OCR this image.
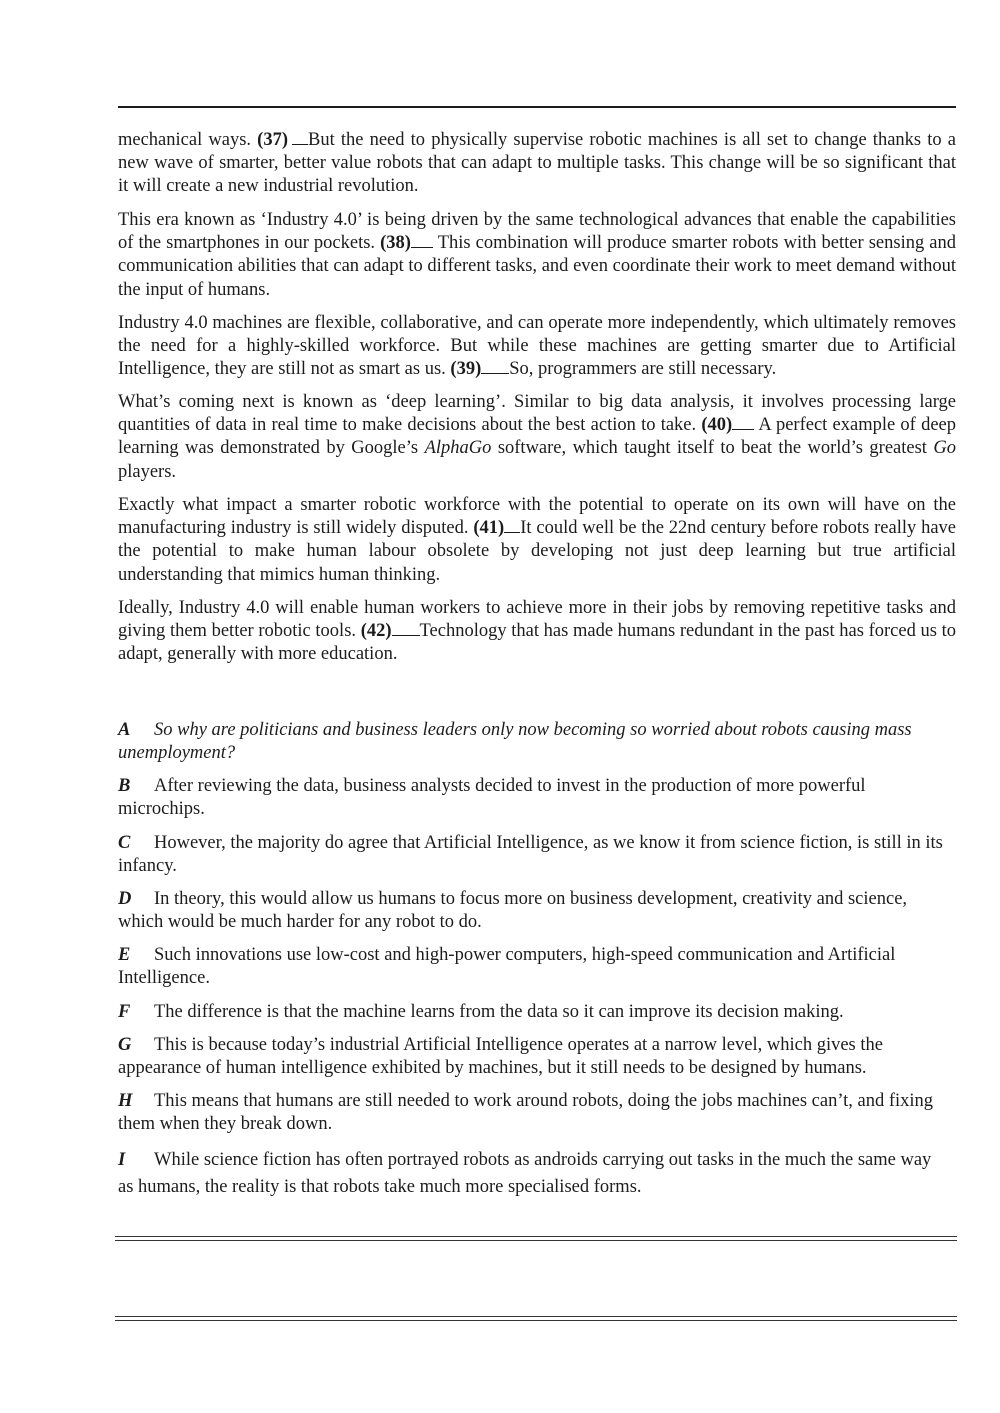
mechanical ways. (37) But the need to physically supervise robotic machines is all set to change thanks to a new wave of smarter, better value robots that can adapt to multiple tasks. This change will be so significant that it will create a new industrial revolution.

This era known as ‘Industry 4.0’ is being driven by the same technological advances that enable the capabilities of the smartphones in our pockets. (38) This combination will produce smarter robots with better sensing and communication abilities that can adapt to different tasks, and even coordinate their work to meet demand without the input of humans.

Industry 4.0 machines are flexible, collaborative, and can operate more independently, which ultimately removes the need for a highly-skilled workforce. But while these machines are getting smarter due to Artificial Intelligence, they are still not as smart as us. (39) So, programmers are still necessary.

What’s coming next is known as ‘deep learning’. Similar to big data analysis, it involves processing large quantities of data in real time to make decisions about the best action to take. (40) A perfect example of deep learning was demonstrated by Google’s AlphaGo software, which taught itself to beat the world’s greatest Go players.

Exactly what impact a smarter robotic workforce with the potential to operate on its own will have on the manufacturing industry is still widely disputed. (41) It could well be the 22nd century before robots really have the potential to make human labour obsolete by developing not just deep learning but true artificial understanding that mimics human thinking.

Ideally, Industry 4.0 will enable human workers to achieve more in their jobs by removing repetitive tasks and giving them better robotic tools. (42) Technology that has made humans redundant in the past has forced us to adapt, generally with more education.

A So why are politicians and business leaders only now becoming so worried about robots causing mass unemployment?

B After reviewing the data, business analysts decided to invest in the production of more powerful microchips.

C However, the majority do agree that Artificial Intelligence, as we know it from science fiction, is still in its infancy.

D In theory, this would allow us humans to focus more on business development, creativity and science, which would be much harder for any robot to do.

E Such innovations use low-cost and high-power computers, high-speed communication and Artificial Intelligence.

F The difference is that the machine learns from the data so it can improve its decision making.

G This is because today’s industrial Artificial Intelligence operates at a narrow level, which gives the appearance of human intelligence exhibited by machines, but it still needs to be designed by humans.

H This means that humans are still needed to work around robots, doing the jobs machines can’t, and fixing them when they break down.

I While science fiction has often portrayed robots as androids carrying out tasks in the much the same way as humans, the reality is that robots take much more specialised forms.
